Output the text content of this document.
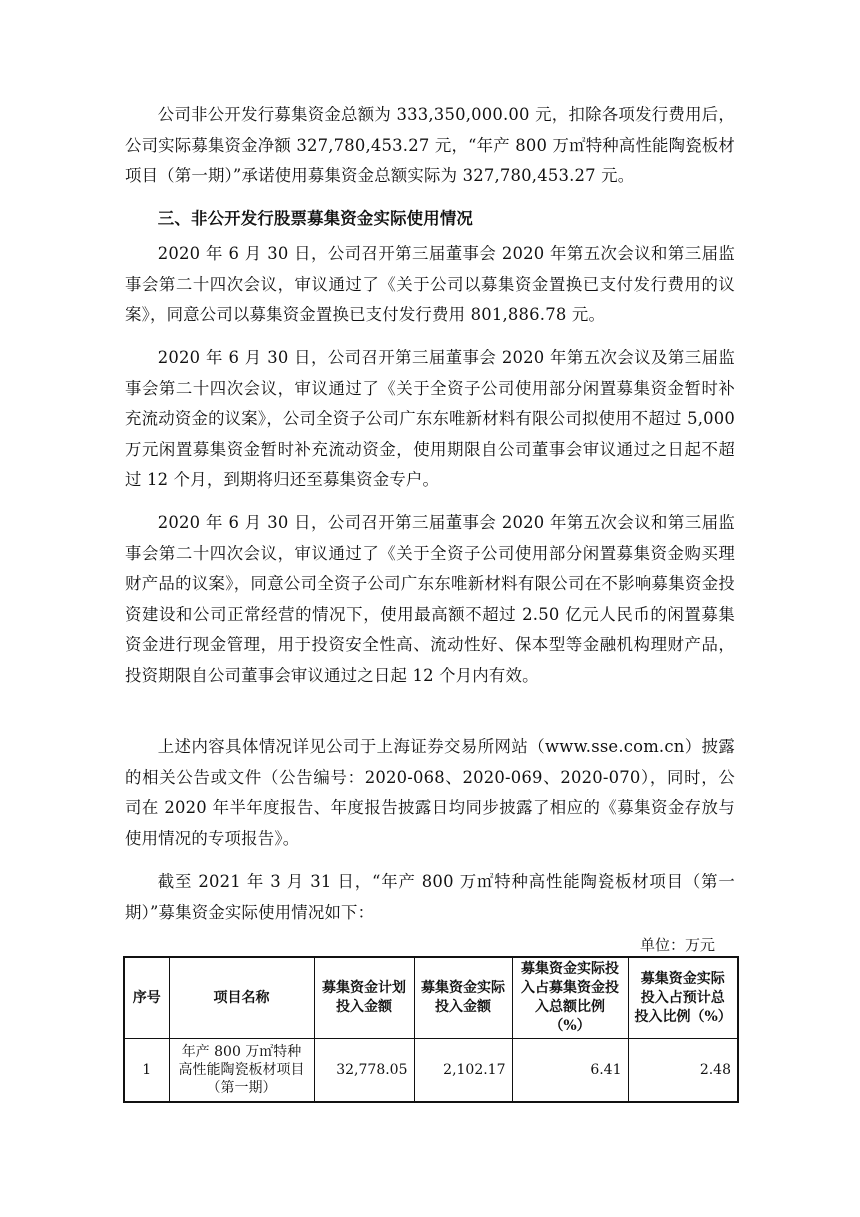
公司非公开发行募集资金总额为 333,350,000.00 元，扣除各项发行费用后，公司实际募集资金净额 327,780,453.27 元，“年产 800 万㎡特种高性能陶瓷板材项目（第一期）”承诺使用募集资金总额实际为 327,780,453.27 元。

三、非公开发行股票募集资金实际使用情况

2020 年 6 月 30 日，公司召开第三届董事会 2020 年第五次会议和第三届监事会第二十四次会议，审议通过了《关于公司以募集资金置换已支付发行费用的议案》，同意公司以募集资金置换已支付发行费用 801,886.78 元。

2020 年 6 月 30 日，公司召开第三届董事会 2020 年第五次会议及第三届监事会第二十四次会议，审议通过了《关于全资子公司使用部分闲置募集资金暂时补充流动资金的议案》，公司全资子公司广东东唯新材料有限公司拟使用不超过 5,000 万元闲置募集资金暂时补充流动资金，使用期限自公司董事会审议通过之日起不超过 12 个月，到期将归还至募集资金专户。

2020 年 6 月 30 日，公司召开第三届董事会 2020 年第五次会议和第三届监事会第二十四次会议，审议通过了《关于全资子公司使用部分闲置募集资金购买理财产品的议案》，同意公司全资子公司广东东唯新材料有限公司在不影响募集资金投资建设和公司正常经营的情况下，使用最高额不超过 2.50 亿元人民币的闲置募集资金进行现金管理，用于投资安全性高、流动性好、保本型等金融机构理财产品，投资期限自公司董事会审议通过之日起 12 个月内有效。

上述内容具体情况详见公司于上海证券交易所网站（www.sse.com.cn）披露的相关公告或文件（公告编号：2020-068、2020-069、2020-070），同时，公司在 2020 年半年度报告、年度报告披露日均同步披露了相应的《募集资金存放与使用情况的专项报告》。

截至 2021 年 3 月 31 日，“年产 800 万㎡特种高性能陶瓷板材项目（第一期）”募集资金实际使用情况如下：

单位：万元
序号	项目名称	募集资金计划投入金额	募集资金实际投入金额	募集资金实际投入占募集资金投入总额比例（%）	募集资金实际投入占预计总投入比例（%）
1	年产 800 万㎡特种高性能陶瓷板材项目（第一期）	32,778.05	2,102.17	6.41	2.48
